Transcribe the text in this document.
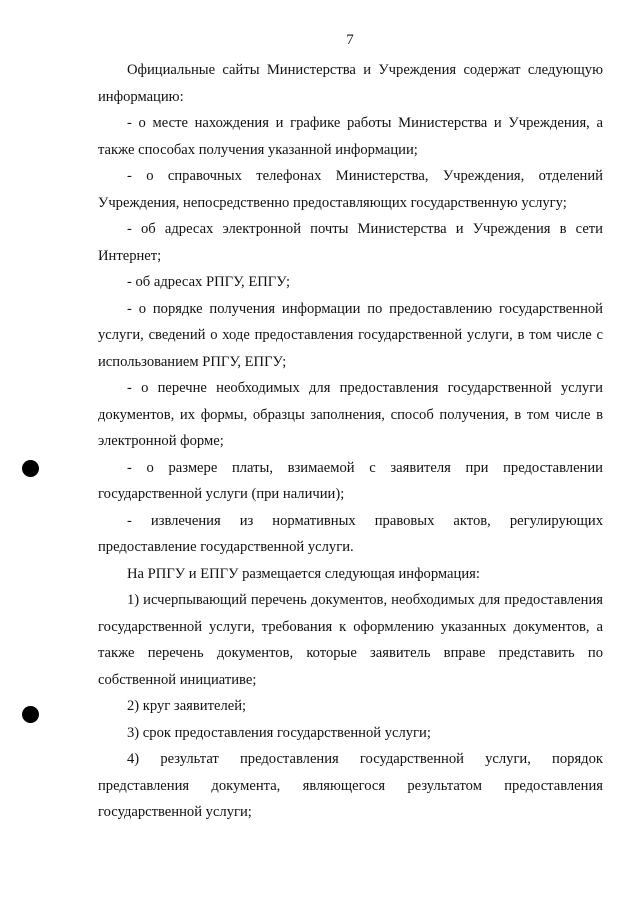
7

Официальные сайты Министерства и Учреждения содержат следующую информацию:

- о месте нахождения и графике работы Министерства и Учреждения, а также способах получения указанной информации;

- о справочных телефонах Министерства, Учреждения, отделений Учреждения, непосредственно предоставляющих государственную услугу;

- об адресах электронной почты Министерства и Учреждения в сети Интернет;

- об адресах РПГУ, ЕПГУ;

- о порядке получения информации по предоставлению государственной услуги, сведений о ходе предоставления государственной услуги, в том числе с использованием РПГУ, ЕПГУ;

- о перечне необходимых для предоставления государственной услуги документов, их формы, образцы заполнения, способ получения, в том числе в электронной форме;

- о размере платы, взимаемой с заявителя при предоставлении государственной услуги (при наличии);

- извлечения из нормативных правовых актов, регулирующих предоставление государственной услуги.

На РПГУ и ЕПГУ размещается следующая информация:

1) исчерпывающий перечень документов, необходимых для предоставления государственной услуги, требования к оформлению указанных документов, а также перечень документов, которые заявитель вправе представить по собственной инициативе;

2) круг заявителей;

3) срок предоставления государственной услуги;

4) результат предоставления государственной услуги, порядок представления документа, являющегося результатом предоставления государственной услуги;
